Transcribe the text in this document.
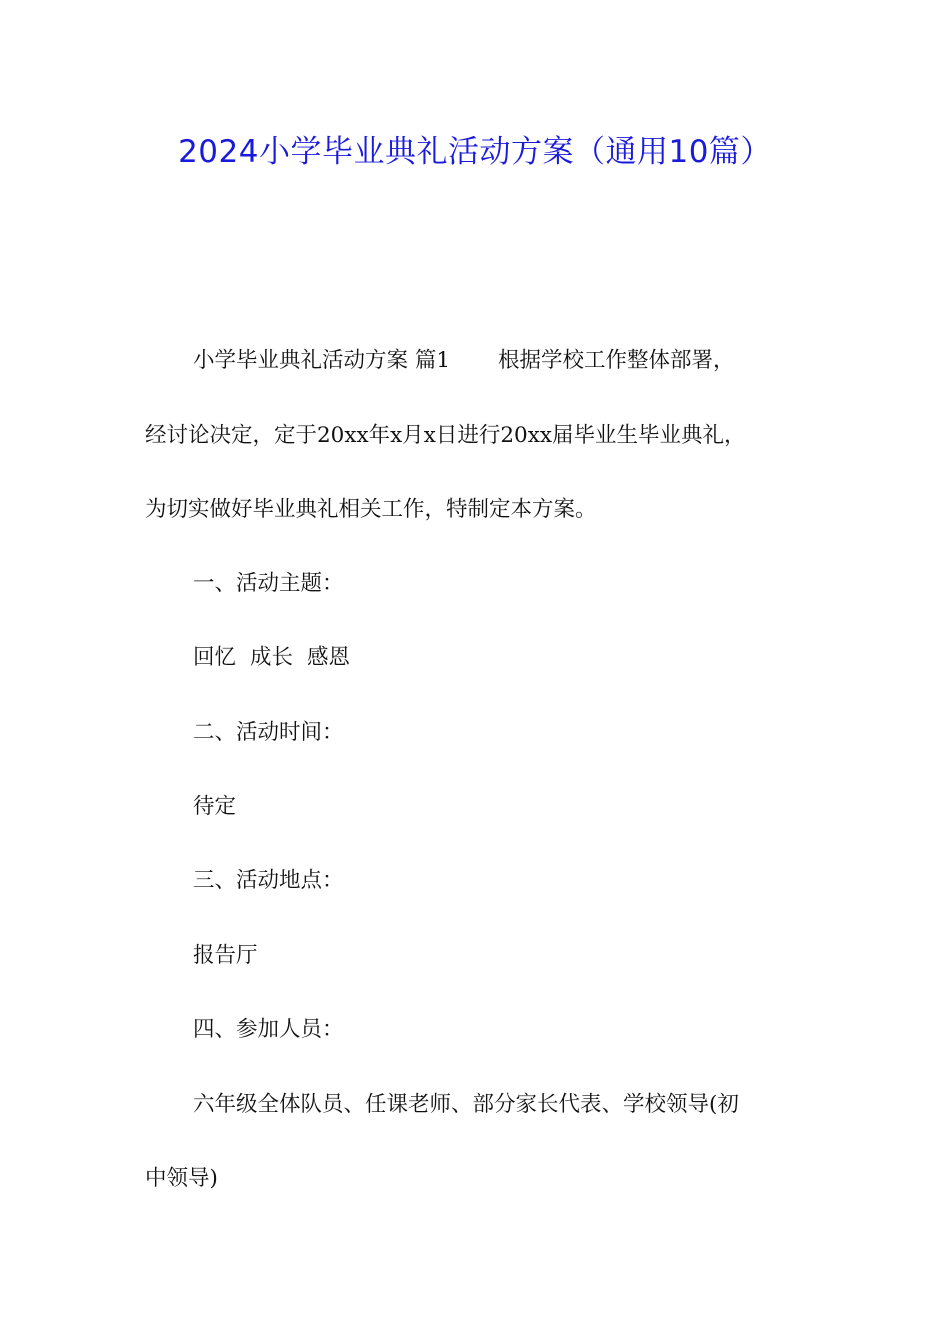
2024小学毕业典礼活动方案（通用10篇）
小学毕业典礼活动方案 篇1 根据学校工作整体部署，
经讨论决定，定于20xx年x月x日进行20xx届毕业生毕业典礼，
为切实做好毕业典礼相关工作，特制定本方案。
一、活动主题：
回忆 成长 感恩
二、活动时间：
待定
三、活动地点：
报告厅
四、参加人员：
六年级全体队员、任课老师、部分家长代表、学校领导(初
中领导)
